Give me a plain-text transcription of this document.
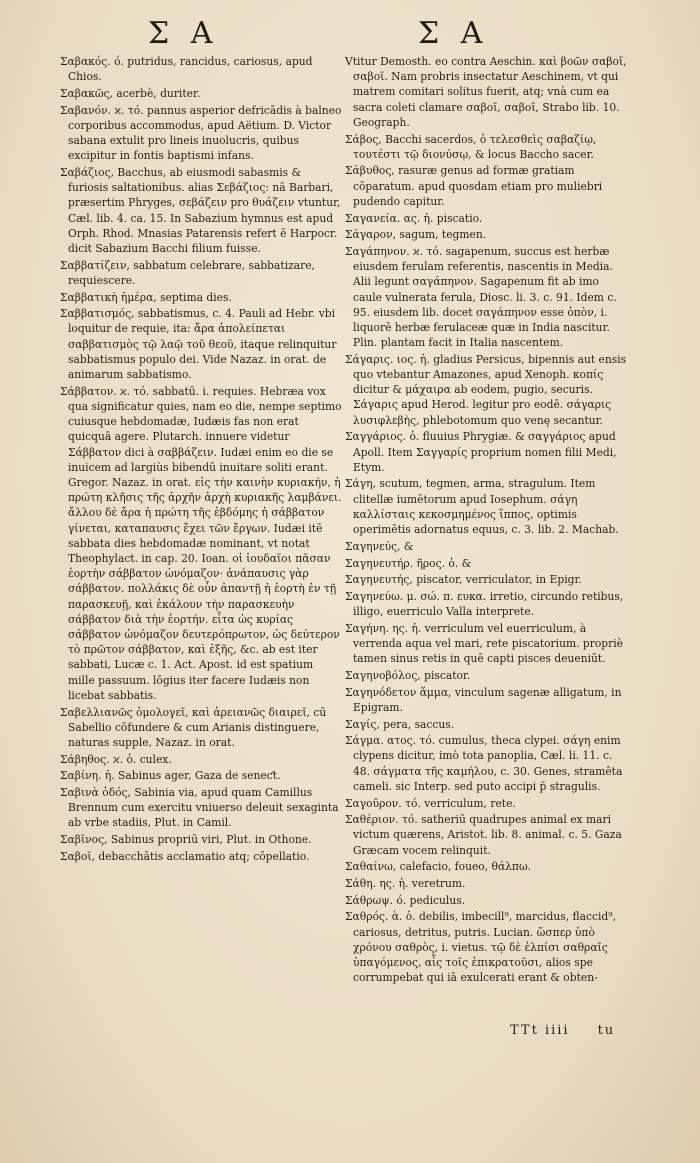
Σ A	Σ A

Σαβακός. ό. putridus, rancidus, cariosus, apud Chios.

Σαβακῶς, acerbè, duriter.

Σαβανόν. ϰ. τό. pannus asperior defricādis à balneo corporibus accommodus, apud Aëtium. D. Victor sabana extulit pro lineis inuolucris, quibus excipitur in fontis baptismi infans.

Σαβάζιος, Bacchus, ab eiusmodi sabasmis & furiosis saltationibus. alias Σεβάζιος: nā Barbari, præsertim Phryges, σεβάζειν pro θυάζειν vtuntur, Cæl. lib. 4. ca. 15. In Sabazium hymnus est apud Orph. Rhod. Mnasias Patarensis refert ē Harpocr. dicit Sabazium Bacchi filium fuisse.

Σαββατίζειν, sabbatum celebrare, sabbatizare, requiescere.

Σαββατικὴ ἡμέρα, septima dies.

Σαββατισμός, sabbatismus, c. 4. Pauli ad Hebr. vbi loquitur de requie, ita: ἄρα ἀπολείπεται σαββατισμὸς τῷ λαῷ τοῦ θεοῦ, itaque relinquitur sabbatismus populo dei. Vide Nazaz. in orat. de animarum sabbatismo.

Σάββατον. ϰ. τό. sabbatū. i. requies. Hebræa vox qua significatur quies, nam eo die, nempe septimo cuiusque hebdomadæ, Iudæis fas non erat quicquā agere. Plutarch. innuere videtur Σάββατον dici à σαββάζειν. Iudæi enim eo die se inuicem ad largiùs bibendū inuitare soliti erant. Gregor. Nazaz. in orat. εἰς τὴν καινὴν κυριακήν, ἡ πρώτη κλῆσις τῆς ἀρχῆν ἀρχὴ κυριακῆς λαμβάνει. ἄλλου δὲ ἄρα ἡ πρώτη τῆς ἑβδόμης ἡ σάββατον γίνεται, καταπαυσις ἔχει τῶν ἔργων. Iudæi itē sabbata dies hebdomadæ nominant, vt notat Theophylact. in cap. 20. Ioan. οἱ ἰουδαῖοι πᾶσαν ἑορτὴν σάββατον ὠνόμαζον· ἀνάπαυσις γὰρ σάββατον. πολλάκις δὲ οὖν ἀπαντῇ ἡ ἑορτὴ ἐν τῇ παρασκευῇ, καὶ ἐκάλουν τὴν παρασκευὴν σάββατον διὰ τὴν ἑορτήν. εἶτα ὡς κυρίας σάββατον ὠνόμαζον δευτερόπρωτον, ὡς δεύτερον τὸ πρῶτον σάββατον, καὶ ἑξῆς, &c. ab est iter sabbati, Lucæ c. 1. Act. Apost. id est spatium mille passuum. lōgius iter facere Iudæis non licebat sabbatis.

Σαβελλιανῶς ὁμολογεῖ, καὶ ἀρειανῶς διαιρεῖ, cū Sabellio cōfundere & cum Arianis distinguere, naturas supple, Nazaz. in orat.

Σάβηθος. ϰ. ὁ. culex.

Σαβίνη. ἡ. Sabinus ager, Gaza de seneƈt.

Σαβινὰ ὁδός, Sabinia via, apud quam Camillus Brennum cum exercitu vniuerso deleuit sexaginta ab vrbe stadiis, Plut. in Camil.

Σαβῖνος, Sabinus propriū viri, Plut. in Othone.

Σαβοῖ, debacchātis acclamatio atq; cōpellatio.

Vtitur Demosth. eo contra Aeschin. καὶ βοῶν σαβοῖ, σαβοῖ. Nam probris insectatur Aeschinem, vt qui matrem comitari solitus fuerit, atq; vnà cum ea sacra coleti clamare σαβοῖ, σαβοῖ, Strabo lib. 10. Geograph.

Σάβος, Bacchi sacerdos, ὁ τελεσθεὶς σαβαζίῳ, τουτέστι τῷ διονύσῳ, & locus Baccho sacer.

Σάβυθος, rasuræ genus ad formæ gratiam cōparatum. apud quosdam etiam pro muliebri pudendo capitur.

Σαγανεία. ας. ἡ. piscatio.

Σάγαρον, sagum, tegmen.

Σαγάπηνον. ϰ. τό. sagapenum, succus est herbæ eiusdem ferulam referentis, nascentis in Media. Alii legunt σαγάπηνον. Sagapenum fit ab imo caule vulnerata ferula, Diosc. li. 3. c. 91. Idem c. 95. eiusdem lib. docet σαγάπηνον esse ὀπὸν, i. liquorē herbæ ferulaceæ quæ in India nascitur. Plin. plantam facit in Italia nascentem.

Σάγαρις. ιος. ἡ. gladius Persicus, bipennis aut ensis quo vtebantur Amazones, apud Xenoph. κοπίς dicitur & μάχαιρα ab eodem, pugio, securis. Σάγαρις apud Herod. legitur pro eodē. σάγαρις λυσιφλεβὴς, phlebotomum quo venę secantur.

Σαγγάριος. ὁ. fluuius Phrygiæ. & σαγγάριος apud Apoll. Item Σαγγαρίς proprium nomen filii Medi, Etym.

Σάγη, scutum, tegmen, arma, stragulum. Item clitellæ iumētorum apud Iosephum. σάγη καλλίσταις κεκοσμημένος ἵππος, optimis operimētis adornatus equus, c. 3. lib. 2. Machab.

Σαγηνεύς, &

Σαγηνευτήρ. ῆρος. ὁ. &

Σαγηνευτής, piscator, verriculator, in Epigr.

Σαγηνεύω. μ. σώ. π. ευκα. irretio, circundo retibus, illigo, euerriculo Valla interprete.

Σαγήνη. ης. ἡ. verriculum vel euerriculum, à verrenda aqua vel mari, rete piscatorium. propriè tamen sinus retis in quē capti pisces deueniūt.

Σαγηνοβόλος, piscator.

Σαγηνόδετον ἅμμα, vinculum sagenæ alligatum, in Epigram.

Σαγίς, pera, saccus.

Σάγμα. ατος. τό. cumulus, theca clypei. σάγη enim clypens dicitur, imò tota panoplia, Cæl. li. 11. c. 48. σάγματα τῆς καμήλου, c. 30. Genes, stramēta cameli. sic Interp. sed puto accipi p̄ stragulis.

Σαγοῦρον. τό. verriculum, rete.

Σαθέριον. τό. satheriū quadrupes animal ex mari victum quærens, Aristot. lib. 8. animal. c. 5. Gaza Græcam vocem relinquit.

Σαθαίνω, calefacio, foueo, θάλπω.

Σάθη. ης. ἡ. veretrum.

Σάθρωψ. ό. pediculus.

Σαθρός. ὰ. ὁ. debilis, imbecill⁹, marcidus, flaccid⁹, cariosus, detritus, putris. Lucian. ὥσπερ ὑπὸ χρόνου σαθρὸς, i. vietus. τῷ δὲ ἐλπίσι σαθραῖς ὑπαγόμενος, αἷς τοῖς ἐπικρατοῦσι, alios spe corrumpebat qui iā exulcerati erant & obten-

TTt iiii tu
